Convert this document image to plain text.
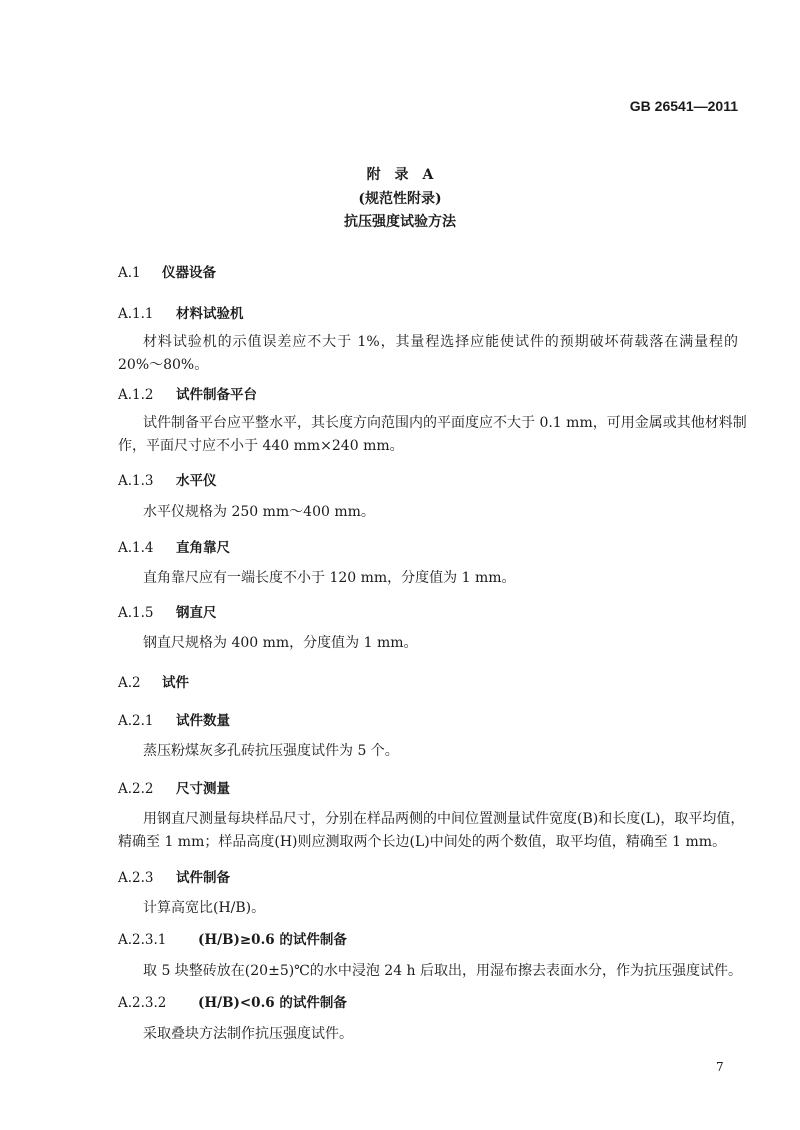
GB 26541—2011
附　录　A
(规范性附录)
抗压强度试验方法
A.1 仪器设备
A.1.1 材料试验机
材料试验机的示值误差应不大于 1%，其量程选择应能使试件的预期破坏荷载落在满量程的
20%～80%。
A.1.2 试件制备平台
试件制备平台应平整水平，其长度方向范围内的平面度应不大于 0.1 mm，可用金属或其他材料制
作，平面尺寸应不小于 440 mm×240 mm。
A.1.3 水平仪
水平仪规格为 250 mm～400 mm。
A.1.4 直角靠尺
直角靠尺应有一端长度不小于 120 mm，分度值为 1 mm。
A.1.5 钢直尺
钢直尺规格为 400 mm，分度值为 1 mm。
A.2 试件
A.2.1 试件数量
蒸压粉煤灰多孔砖抗压强度试件为 5 个。
A.2.2 尺寸测量
用钢直尺测量每块样品尺寸，分别在样品两侧的中间位置测量试件宽度(B)和长度(L)，取平均值，
精确至 1 mm；样品高度(H)则应测取两个长边(L)中间处的两个数值，取平均值，精确至 1 mm。
A.2.3 试件制备
计算高宽比(H/B)。
A.2.3.1 (H/B)≥0.6 的试件制备
取 5 块整砖放在(20±5)℃的水中浸泡 24 h 后取出，用湿布擦去表面水分，作为抗压强度试件。
A.2.3.2 (H/B)<0.6 的试件制备
采取叠块方法制作抗压强度试件。
7
